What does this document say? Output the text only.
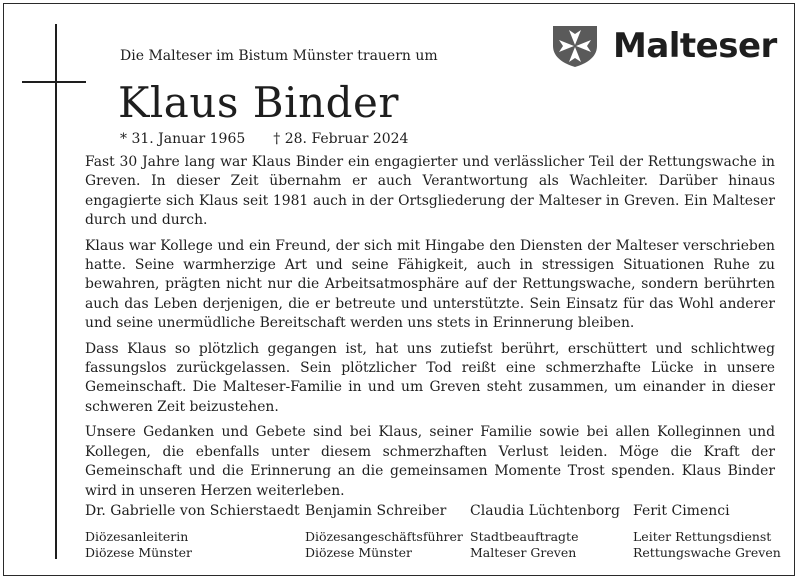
Die Malteser im Bistum Münster trauern um
Klaus Binder
* 31. Januar 1965 † 28. Februar 2024
Malteser

Fast 30 Jahre lang war Klaus Binder ein engagierter und verlässlicher Teil der Rettungswache in Greven. In dieser Zeit übernahm er auch Verantwortung als Wachleiter. Darüber hinaus engagierte sich Klaus seit 1981 auch in der Ortsgliederung der Malteser in Greven. Ein Malteser durch und durch.

Klaus war Kollege und ein Freund, der sich mit Hingabe den Diensten der Malteser verschrieben hatte. Seine warmherzige Art und seine Fähigkeit, auch in stressigen Situationen Ruhe zu bewahren, prägten nicht nur die Arbeitsatmosphäre auf der Rettungswache, sondern berührten auch das Leben derjenigen, die er betreute und unterstützte. Sein Einsatz für das Wohl anderer und seine unermüdliche Bereitschaft werden uns stets in Erinnerung bleiben.

Dass Klaus so plötzlich gegangen ist, hat uns zutiefst berührt, erschüttert und schlichtweg fassungslos zurückgelassen. Sein plötzlicher Tod reißt eine schmerzhafte Lücke in unsere Gemeinschaft. Die Malteser-Familie in und um Greven steht zusammen, um einander in dieser schweren Zeit beizustehen.

Unsere Gedanken und Gebete sind bei Klaus, seiner Familie sowie bei allen Kolleginnen und Kollegen, die ebenfalls unter diesem schmerzhaften Verlust leiden. Möge die Kraft der Gemeinschaft und die Erinnerung an die gemeinsamen Momente Trost spenden. Klaus Binder wird in unseren Herzen weiterleben.

Dr. Gabrielle von Schierstaedt
Diözesanleiterin
Diözese Münster
Benjamin Schreiber
Diözesangeschäftsführer
Diözese Münster
Claudia Lüchtenborg
Stadtbeauftragte
Malteser Greven
Ferit Cimenci
Leiter Rettungsdienst
Rettungswache Greven
